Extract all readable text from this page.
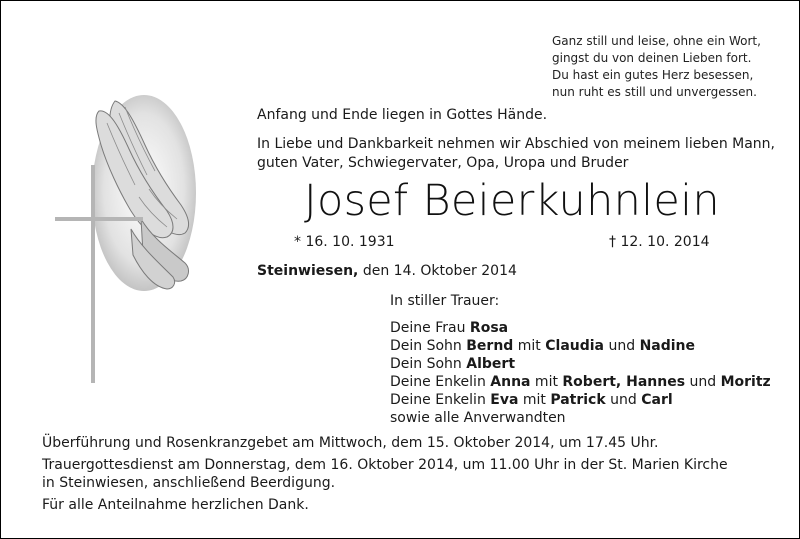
Ganz still und leise, ohne ein Wort,
gingst du von deinen Lieben fort.
Du hast ein gutes Herz besessen,
nun ruht es still und unvergessen.
Anfang und Ende liegen in Gottes Hände.
In Liebe und Dankbarkeit nehmen wir Abschied von meinem lieben Mann,
guten Vater, Schwiegervater, Opa, Uropa und Bruder
Josef Beierkuhnlein
* 16. 10. 1931	† 12. 10. 2014
Steinwiesen, den 14. Oktober 2014
In stiller Trauer:
Deine Frau Rosa
Dein Sohn Bernd mit Claudia und Nadine
Dein Sohn Albert
Deine Enkelin Anna mit Robert, Hannes und Moritz
Deine Enkelin Eva mit Patrick und Carl
sowie alle Anverwandten
Überführung und Rosenkranzgebet am Mittwoch, dem 15. Oktober 2014, um 17.45 Uhr.
Trauergottesdienst am Donnerstag, dem 16. Oktober 2014, um 11.00 Uhr in der St. Marien Kirche
in Steinwiesen, anschließend Beerdigung.
Für alle Anteilnahme herzlichen Dank.
